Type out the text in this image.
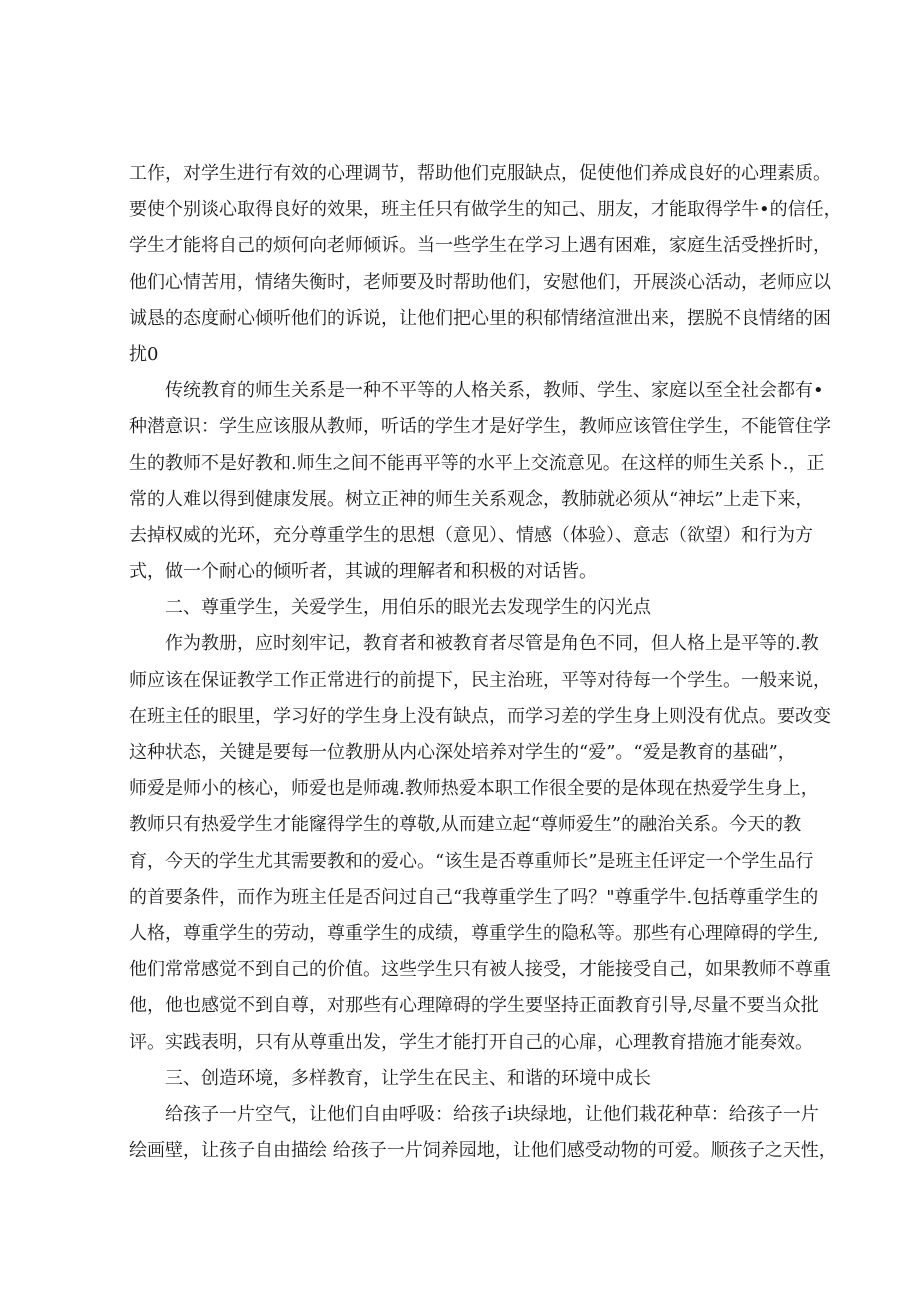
工作，对学生进行有效的心理调节，帮助他们克服缺点，促使他们养成良好的心理素质。
要使个别谈心取得良好的效果，班主任只有做学生的知己、朋友，才能取得学牛•的信任，
学生才能将自己的烦何向老师倾诉。当一些学生在学习上遇有困难，家庭生活受挫折时，
他们心情苦用，情绪失衡时，老师要及时帮助他们，安慰他们，开展淡心活动，老师应以
诚恳的态度耐心倾听他们的诉说，让他们把心里的积郁情绪渲泄出来，摆脱不良情绪的困
扰0
传统教育的师生关系是一种不平等的人格关系，教师、学生、家庭以至全社会都有•
种潜意识：学生应该服从教师，听话的学生才是好学生，教师应该管住学生，不能管住学
生的教师不是好教和.师生之间不能再平等的水平上交流意见。在这样的师生关系卜.，正
常的人难以得到健康发展。树立正神的师生关系观念，教肺就必须从“神坛”上走下来，
去掉权威的光环，充分尊重学生的思想（意见）、情感（体验）、意志（欲望）和行为方
式，做一个耐心的倾听者，其诚的理解者和积极的对话皆。
二、尊重学生，关爱学生，用伯乐的眼光去发现学生的闪光点
作为教册，应时刻牢记，教育者和被教育者尽管是角色不同，但人格上是平等的.教
师应该在保证教学工作正常进行的前提下，民主治班，平等对待每一个学生。一般来说，
在班主任的眼里，学习好的学生身上没有缺点，而学习差的学生身上则没有优点。要改变
这种状态，关键是要每一位教册从内心深处培养对学生的“爱”。“爱是教育的基础”，
师爱是师小的核心，师爱也是师魂.教师热爱本职工作很全要的是体现在热爱学生身上，
教师只有热爱学生才能窿得学生的尊敬,从而建立起“尊师爱生”的融治关系。今天的教
育，今天的学生尤其需要教和的爱心。“该生是否尊重师长”是班主任评定一个学生品行
的首要条件，而作为班主任是否问过自己“我尊重学生了吗？"尊重学牛.包括尊重学生的
人格，尊重学生的劳动，尊重学生的成绩，尊重学生的隐私等。那些有心理障碍的学生,
他们常常感觉不到自己的价值。这些学生只有被人接受，才能接受自己，如果教师不尊重
他，他也感觉不到自尊，对那些有心理障碍的学生要坚持正面教育引导,尽量不要当众批
评。实践表明，只有从尊重出发，学生才能打开自己的心扉，心理教育措施才能奏效。
三、创造环境，多样教育，让学生在民主、和谐的环境中成长
给孩子一片空气，让他们自由呼吸：给孩子i块绿地，让他们栽花种草：给孩子一片
绘画壁，让孩子自由描绘 给孩子一片饲养园地，让他们感受动物的可爱。顺孩子之天性，
